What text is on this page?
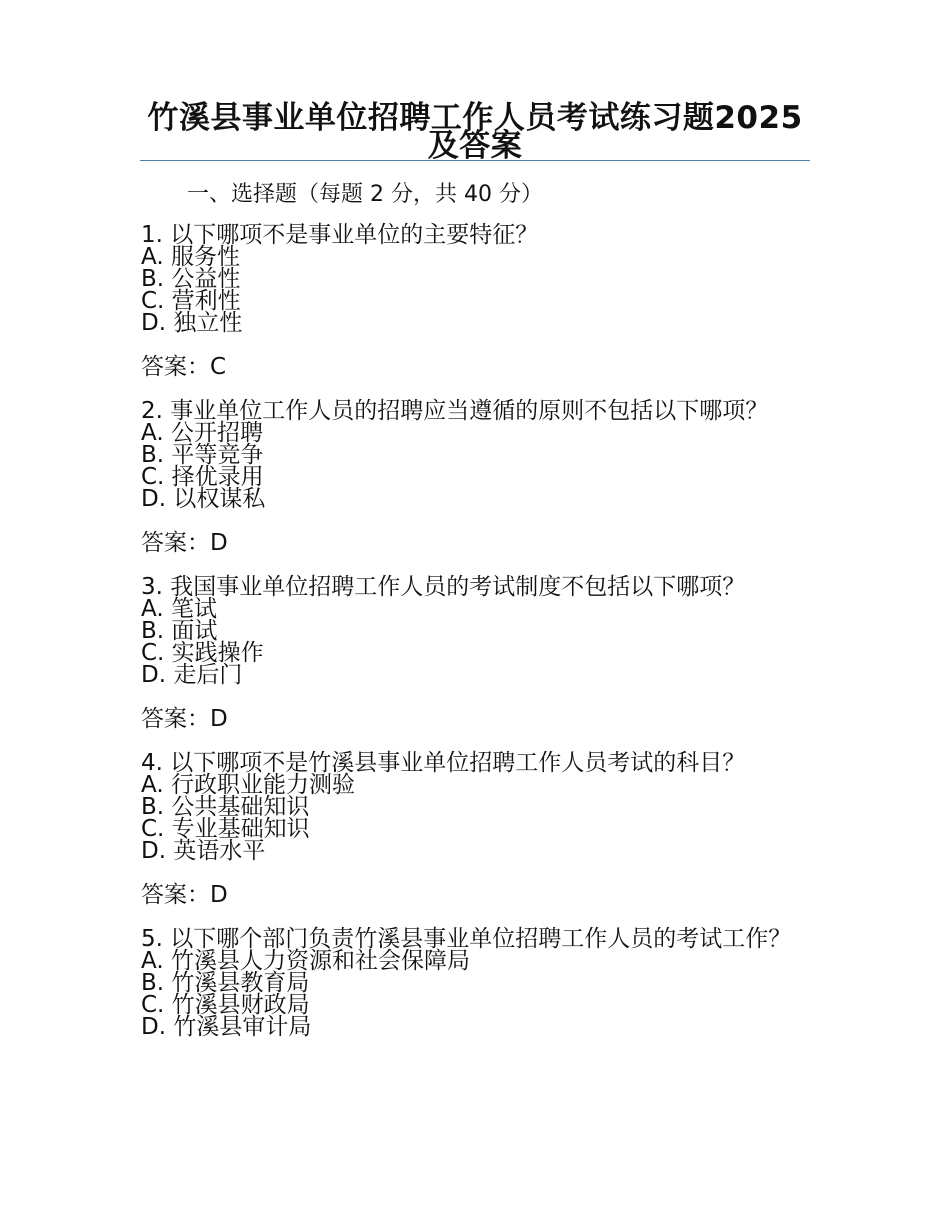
竹溪县事业单位招聘工作人员考试练习题2025及答案
一、选择题（每题 2 分，共 40 分）
1. 以下哪项不是事业单位的主要特征？
A. 服务性
B. 公益性
C. 营利性
D. 独立性
答案：C
2. 事业单位工作人员的招聘应当遵循的原则不包括以下哪项？
A. 公开招聘
B. 平等竞争
C. 择优录用
D. 以权谋私
答案：D
3. 我国事业单位招聘工作人员的考试制度不包括以下哪项？
A. 笔试
B. 面试
C. 实践操作
D. 走后门
答案：D
4. 以下哪项不是竹溪县事业单位招聘工作人员考试的科目？
A. 行政职业能力测验
B. 公共基础知识
C. 专业基础知识
D. 英语水平
答案：D
5. 以下哪个部门负责竹溪县事业单位招聘工作人员的考试工作？
A. 竹溪县人力资源和社会保障局
B. 竹溪县教育局
C. 竹溪县财政局
D. 竹溪县审计局
